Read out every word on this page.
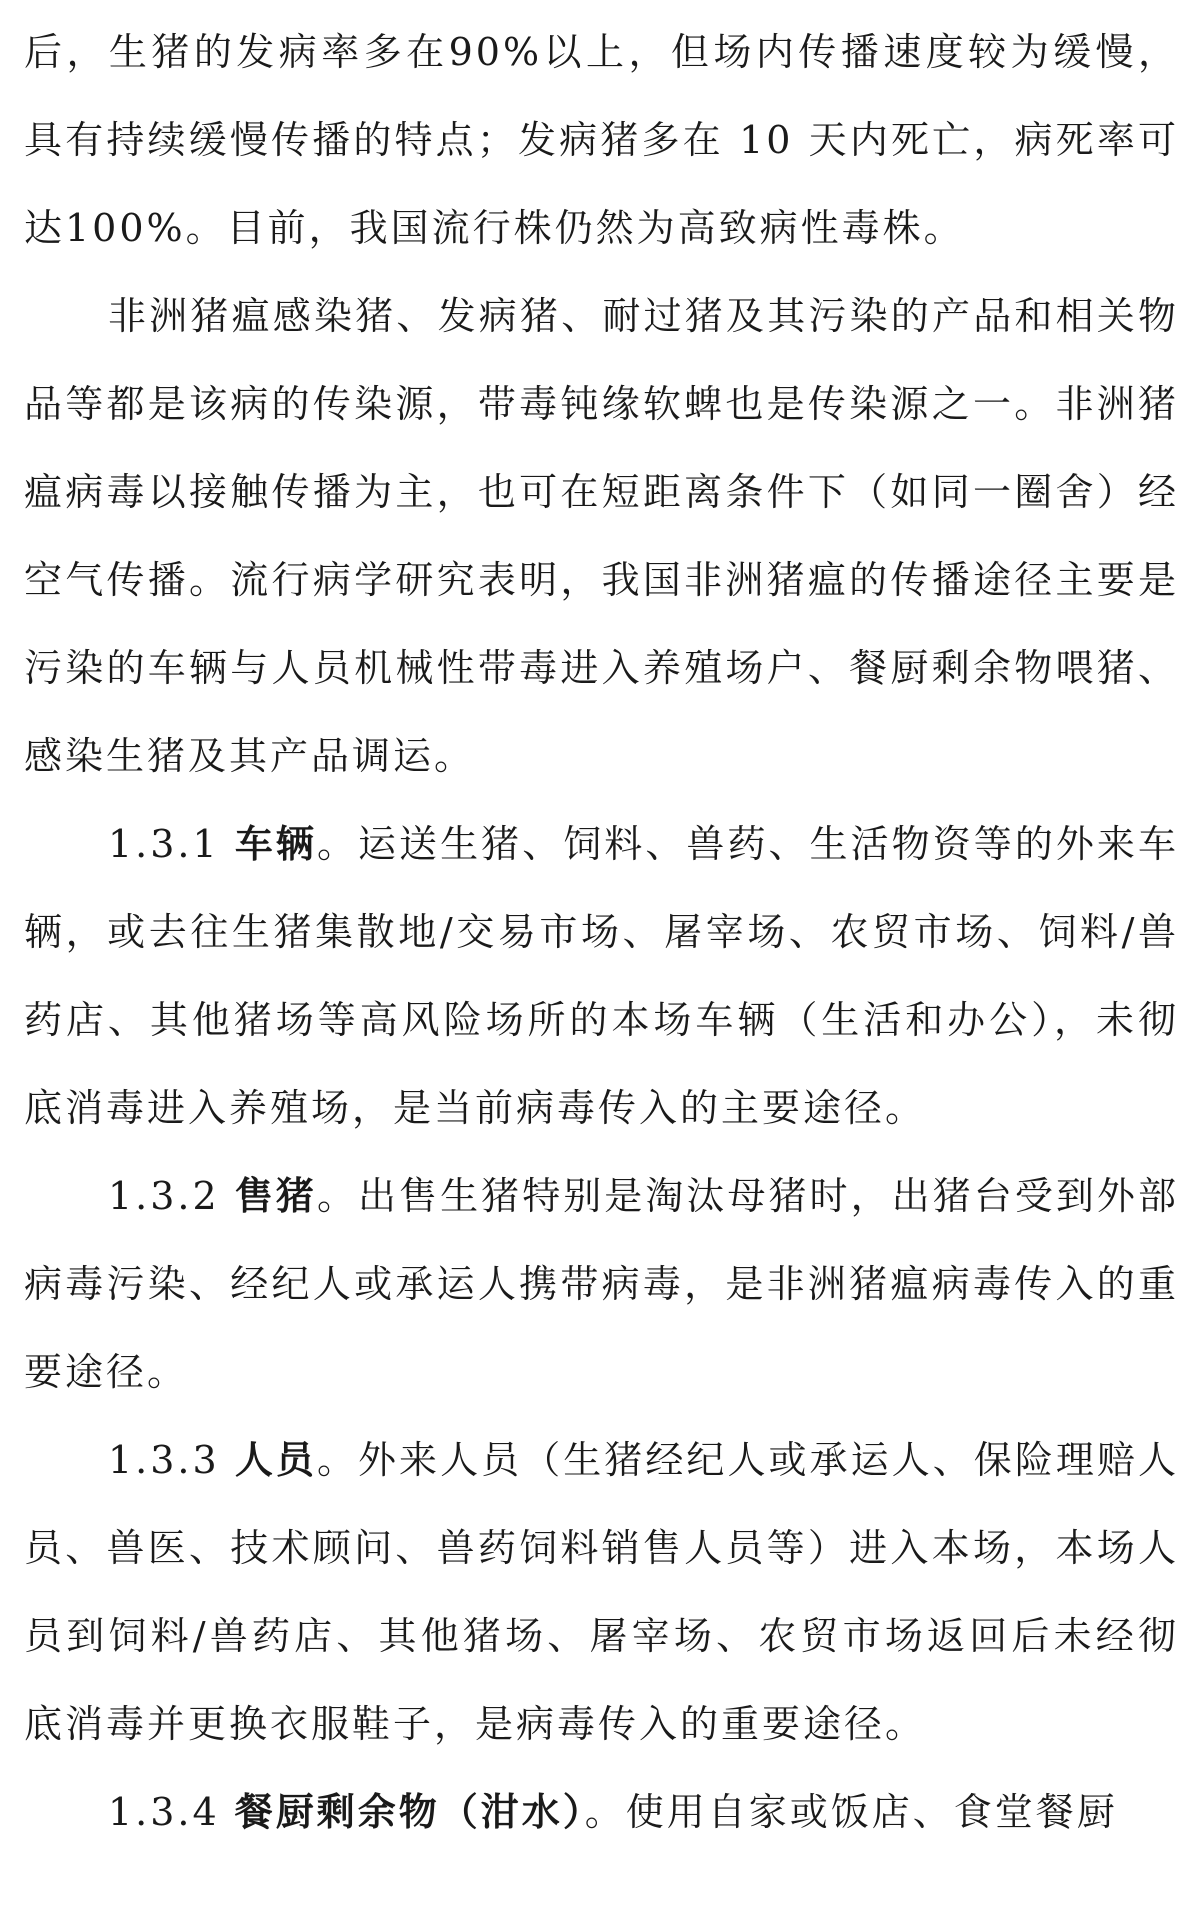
后，生猪的发病率多在90%以上，但场内传播速度较为缓慢，具有持续缓慢传播的特点；发病猪多在 10 天内死亡，病死率可达100%。目前，我国流行株仍然为高致病性毒株。

非洲猪瘟感染猪、发病猪、耐过猪及其污染的产品和相关物品等都是该病的传染源，带毒钝缘软蜱也是传染源之一。非洲猪瘟病毒以接触传播为主，也可在短距离条件下（如同一圈舍）经空气传播。流行病学研究表明，我国非洲猪瘟的传播途径主要是污染的车辆与人员机械性带毒进入养殖场户、餐厨剩余物喂猪、感染生猪及其产品调运。

1.3.1 车辆。运送生猪、饲料、兽药、生活物资等的外来车辆，或去往生猪集散地/交易市场、屠宰场、农贸市场、饲料/兽药店、其他猪场等高风险场所的本场车辆（生活和办公），未彻底消毒进入养殖场，是当前病毒传入的主要途径。

1.3.2 售猪。出售生猪特别是淘汰母猪时，出猪台受到外部病毒污染、经纪人或承运人携带病毒，是非洲猪瘟病毒传入的重要途径。

1.3.3 人员。外来人员（生猪经纪人或承运人、保险理赔人员、兽医、技术顾问、兽药饲料销售人员等）进入本场，本场人员到饲料/兽药店、其他猪场、屠宰场、农贸市场返回后未经彻底消毒并更换衣服鞋子，是病毒传入的重要途径。

1.3.4 餐厨剩余物（泔水）。使用自家或饭店、食堂餐厨
